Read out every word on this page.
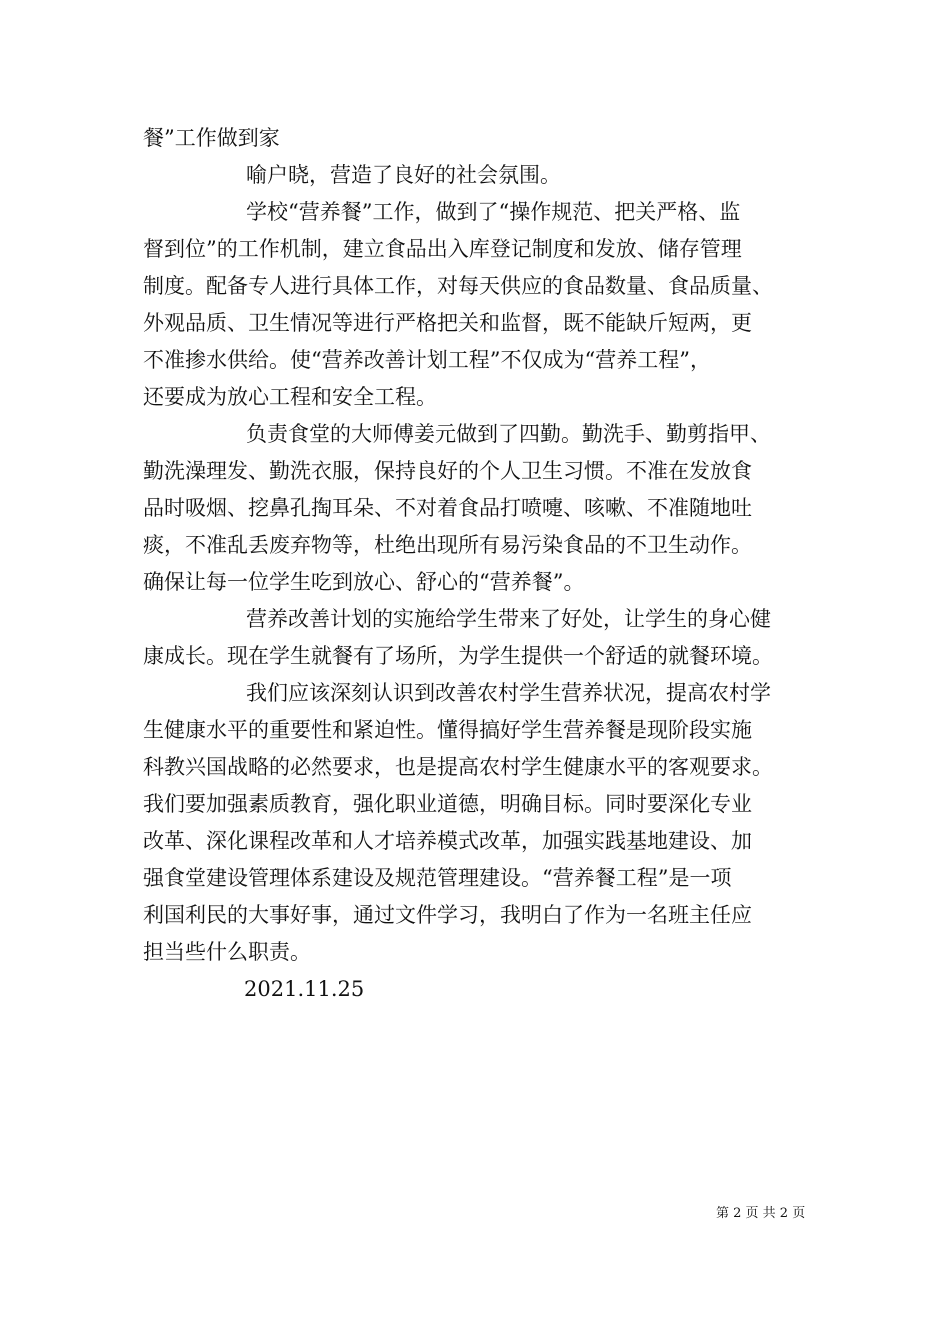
餐”工作做到家
喻户晓，营造了良好的社会氛围。
学校“营养餐”工作，做到了“操作规范、把关严格、监
督到位”的工作机制，建立食品出入库登记制度和发放、储存管理
制度。配备专人进行具体工作，对每天供应的食品数量、食品质量、
外观品质、卫生情况等进行严格把关和监督，既不能缺斤短两，更
不准掺水供给。使“营养改善计划工程”不仅成为“营养工程”，
还要成为放心工程和安全工程。
负责食堂的大师傅姜元做到了四勤。勤洗手、勤剪指甲、
勤洗澡理发、勤洗衣服，保持良好的个人卫生习惯。不准在发放食
品时吸烟、挖鼻孔掏耳朵、不对着食品打喷嚏、咳嗽、不准随地吐
痰，不准乱丢废弃物等，杜绝出现所有易污染食品的不卫生动作。
确保让每一位学生吃到放心、舒心的“营养餐”。
营养改善计划的实施给学生带来了好处，让学生的身心健
康成长。现在学生就餐有了场所，为学生提供一个舒适的就餐环境。
我们应该深刻认识到改善农村学生营养状况，提高农村学
生健康水平的重要性和紧迫性。懂得搞好学生营养餐是现阶段实施
科教兴国战略的必然要求，也是提高农村学生健康水平的客观要求。
我们要加强素质教育，强化职业道德，明确目标。同时要深化专业
改革、深化课程改革和人才培养模式改革，加强实践基地建设、加
强食堂建设管理体系建设及规范管理建设。“营养餐工程”是一项
利国利民的大事好事，通过文件学习，我明白了作为一名班主任应
担当些什么职责。
2021.11.25
第 2 页 共 2 页
